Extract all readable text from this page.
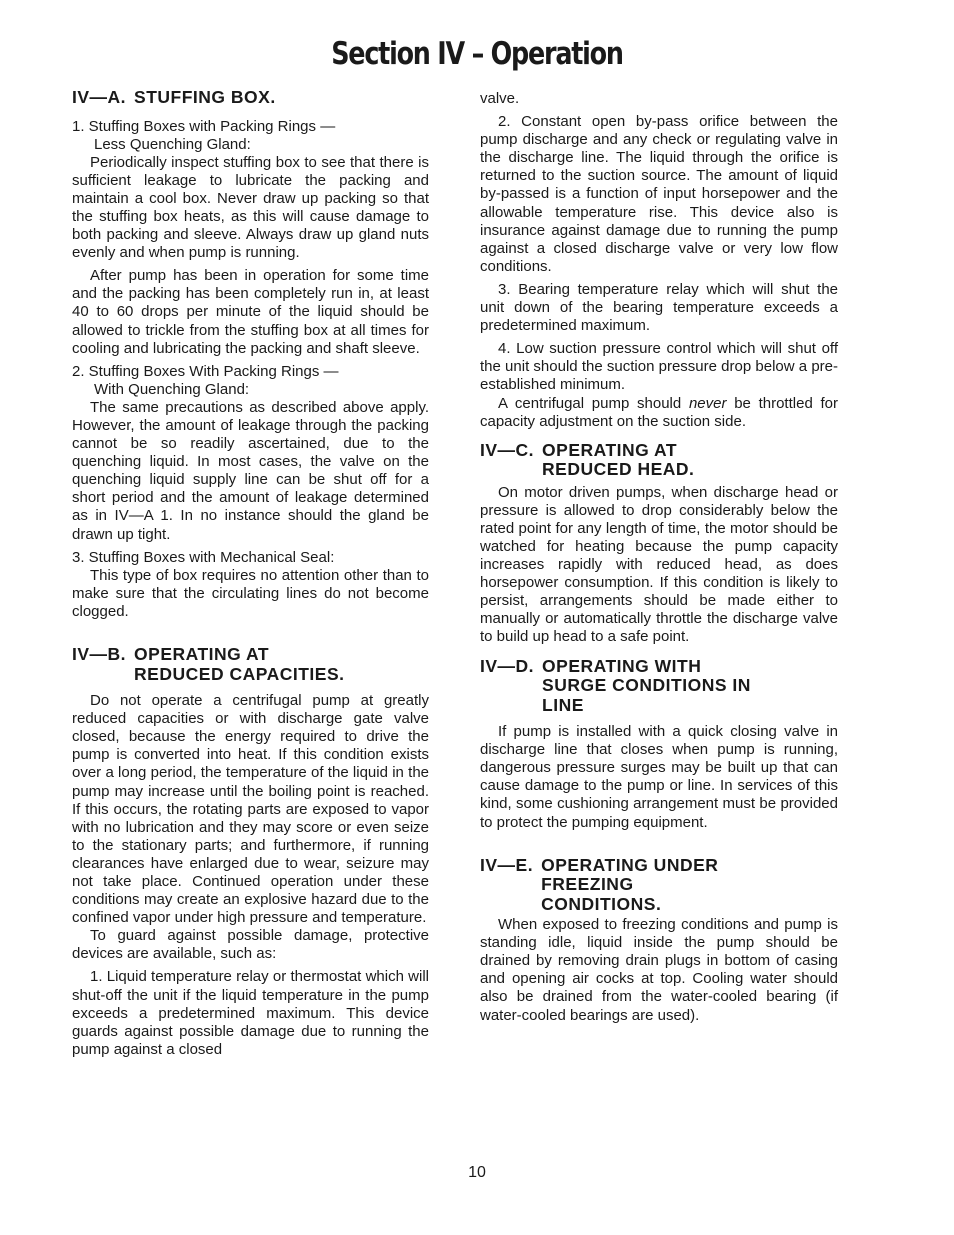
Section IV – Operation
IV—A. STUFFING BOX.
1. Stuffing Boxes with Packing Rings —
Less Quenching Gland:

Periodically inspect stuffing box to see that there is sufficient leakage to lubricate the packing and maintain a cool box. Never draw up packing so that the stuffing box heats, as this will cause damage to both packing and sleeve. Always draw up gland nuts evenly and when pump is running.

After pump has been in operation for some time and the packing has been completely run in, at least 40 to 60 drops per minute of the liquid should be allowed to trickle from the stuffing box at all times for cooling and lubricating the packing and shaft sleeve.

2. Stuffing Boxes With Packing Rings —
With Quenching Gland:

The same precautions as described above apply. However, the amount of leakage through the packing cannot be so readily ascertained, due to the quenching liquid. In most cases, the valve on the quenching liquid supply line can be shut off for a short period and the amount of leakage determined as in IV—A 1. In no instance should the gland be drawn up tight.

3. Stuffing Boxes with Mechanical Seal:

This type of box requires no attention other than to make sure that the circulating lines do not become clogged.

IV—B. OPERATING AT REDUCED CAPACITIES.

Do not operate a centrifugal pump at greatly reduced capacities or with discharge gate valve closed, because the energy required to drive the pump is converted into heat. If this condition exists over a long period, the temperature of the liquid in the pump may increase until the boiling point is reached. If this occurs, the rotating parts are exposed to vapor with no lubrication and they may score or even seize to the stationary parts; and furthermore, if running clearances have enlarged due to wear, seizure may not take place. Continued operation under these conditions may create an explosive hazard due to the confined vapor under high pressure and temperature.

To guard against possible damage, protective devices are available, such as:

1. Liquid temperature relay or thermostat which will shut-off the unit if the liquid temperature in the pump exceeds a predetermined maximum. This device guards against possible damage due to running the pump against a closed

valve.

2. Constant open by-pass orifice between the pump discharge and any check or regulating valve in the discharge line. The liquid through the orifice is returned to the suction source. The amount of liquid by-passed is a function of input horsepower and the allowable temperature rise. This device also is insurance against damage due to running the pump against a closed discharge valve or very low flow conditions.

3. Bearing temperature relay which will shut the unit down of the bearing temperature exceeds a predetermined maximum.

4. Low suction pressure control which will shut off the unit should the suction pressure drop below a pre-established minimum.

A centrifugal pump should never be throttled for capacity adjustment on the suction side.

IV—C. OPERATING AT REDUCED HEAD.

On motor driven pumps, when discharge head or pressure is allowed to drop considerably below the rated point for any length of time, the motor should be watched for heating because the pump capacity increases rapidly with reduced head, as does horsepower consumption. If this condition is likely to persist, arrangements should be made either to manually or automatically throttle the discharge valve to build up head to a safe point.

IV—D. OPERATING WITH SURGE CONDITIONS IN LINE

If pump is installed with a quick closing valve in discharge line that closes when pump is running, dangerous pressure surges may be built up that can cause damage to the pump or line. In services of this kind, some cushioning arrangement must be provided to protect the pumping equipment.

IV—E. OPERATING UNDER FREEZING CONDITIONS.

When exposed to freezing conditions and pump is standing idle, liquid inside the pump should be drained by removing drain plugs in bottom of casing and opening air cocks at top. Cooling water should also be drained from the water-cooled bearing (if water-cooled bearings are used).

10
